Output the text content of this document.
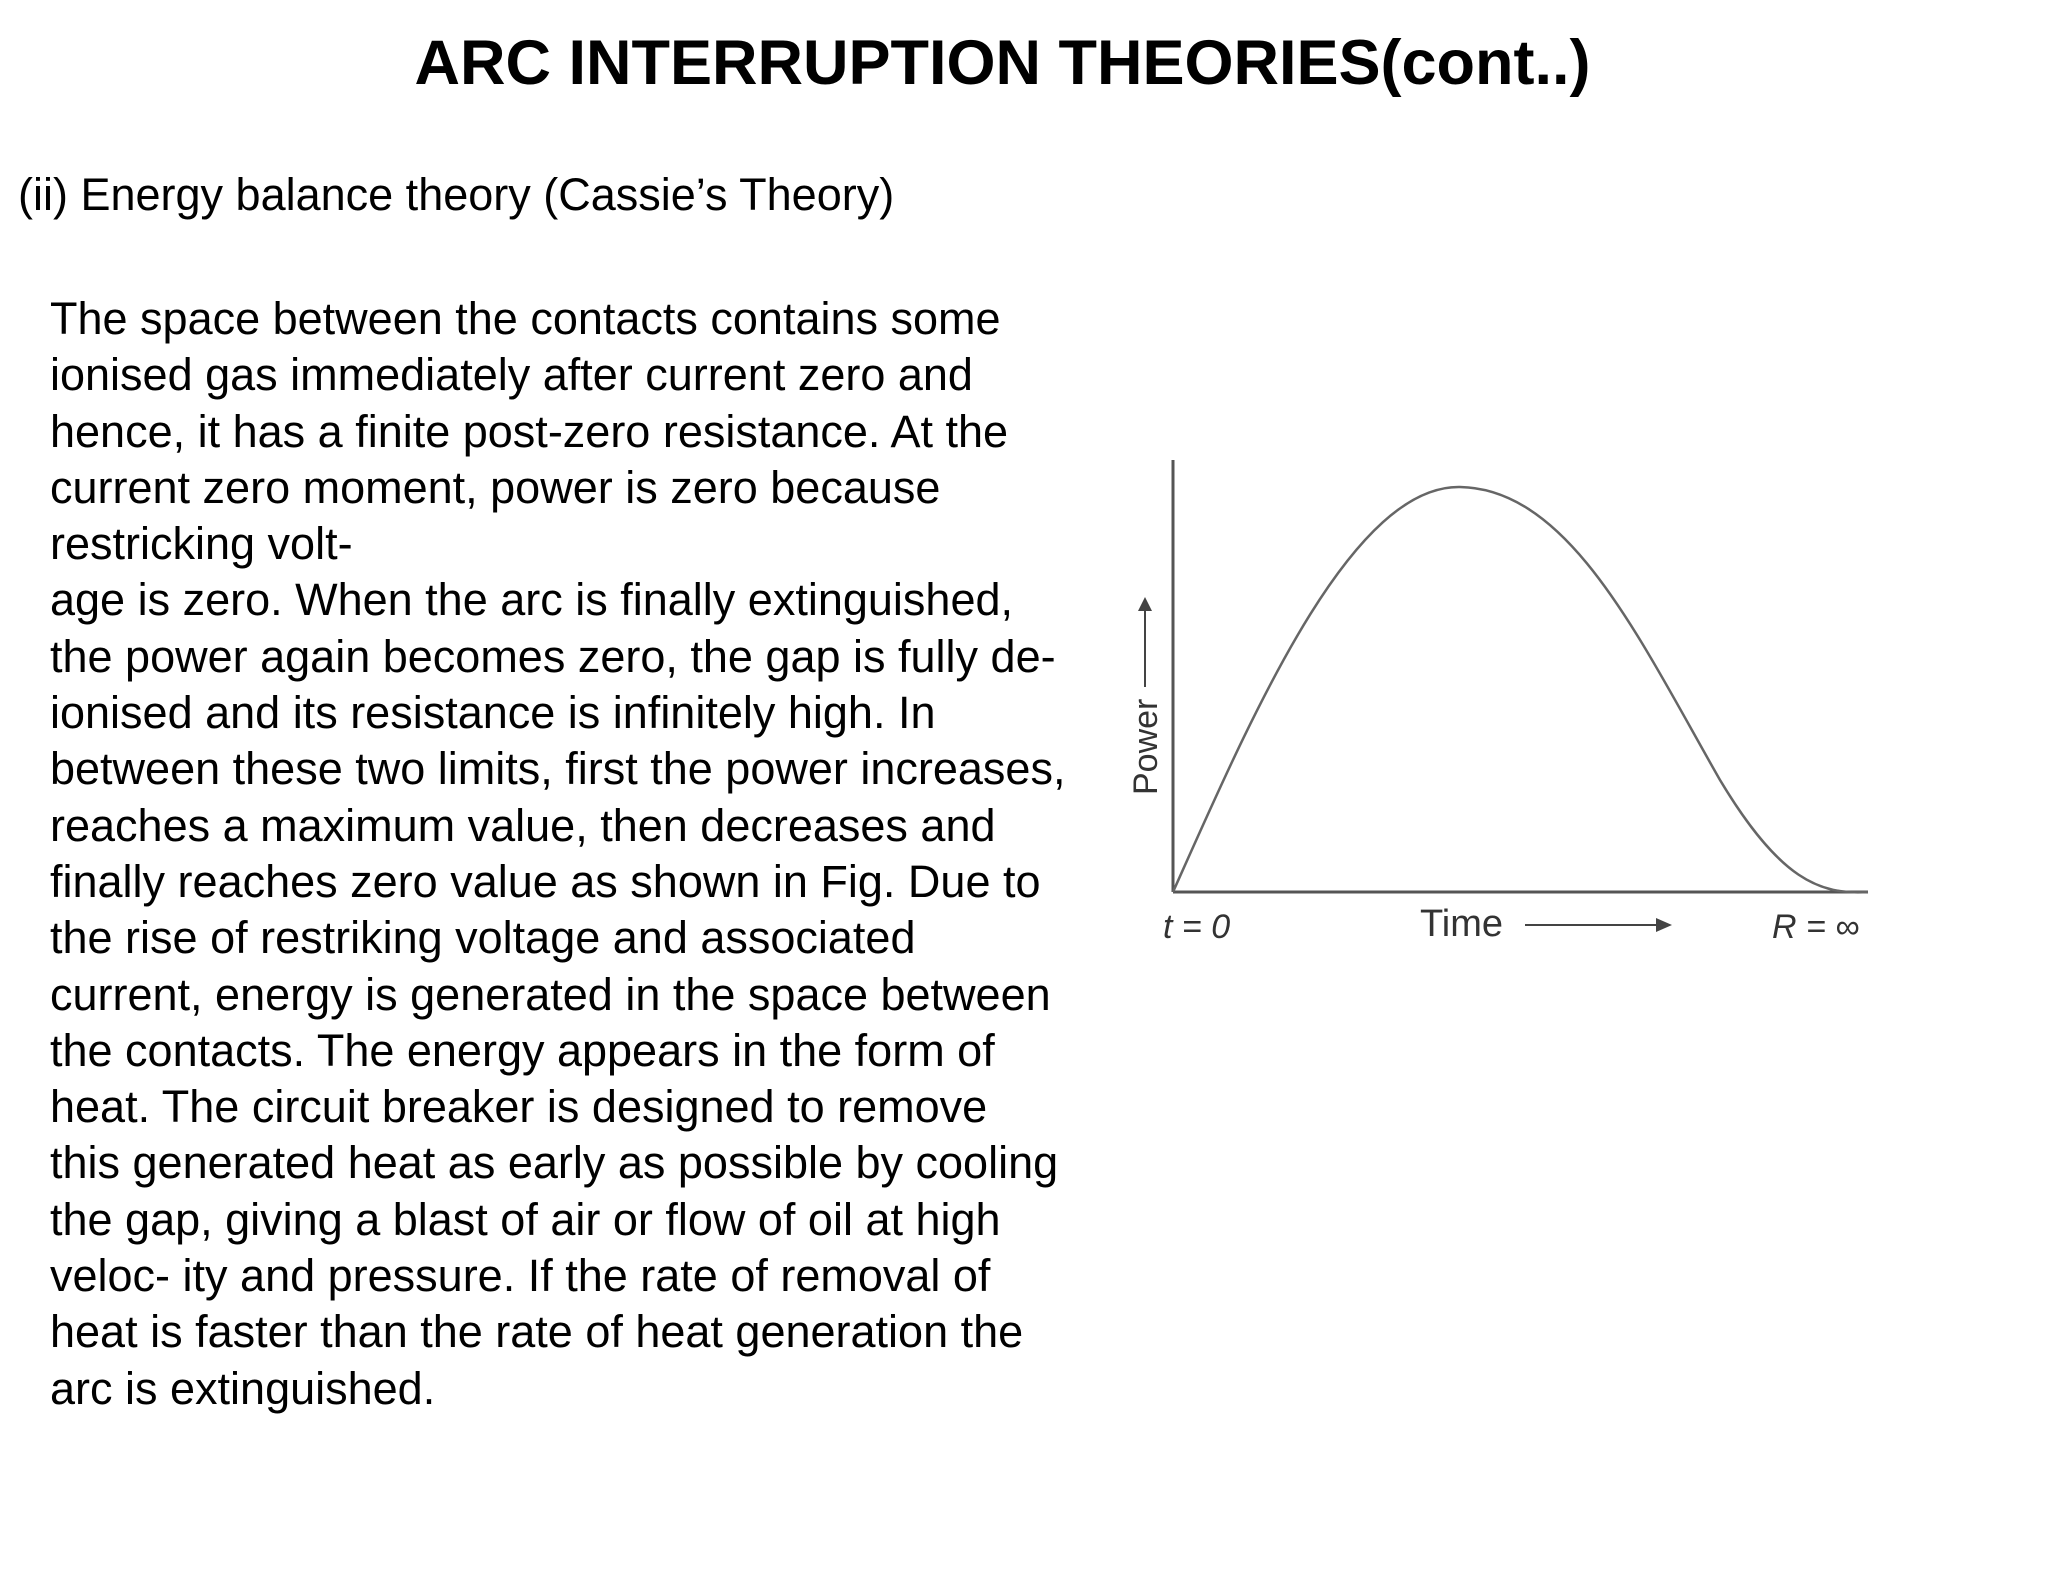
ARC INTERRUPTION THEORIES(cont..)
(ii) Energy balance theory (Cassie’s Theory)
The space between the contacts contains some
ionised gas immediately after current zero and
hence, it has a finite post-zero resistance. At the
current zero moment, power is zero because
restricking volt-
age is zero. When the arc is finally extinguished,
the power again becomes zero, the gap is fully de-
ionised and its resistance is infinitely high. In
between these two limits, first the power increases,
reaches a maximum value, then decreases and
finally reaches zero value as shown in Fig. Due to
the rise of restriking voltage and associated
current, energy is generated in the space between
the contacts. The energy appears in the form of
heat. The circuit breaker is designed to remove
this generated heat as early as possible by cooling
the gap, giving a blast of air or flow of oil at high
veloc- ity and pressure. If the rate of removal of
heat is faster than the rate of heat generation the
arc is extinguished.
Power
t = 0	Time	R = ∞
